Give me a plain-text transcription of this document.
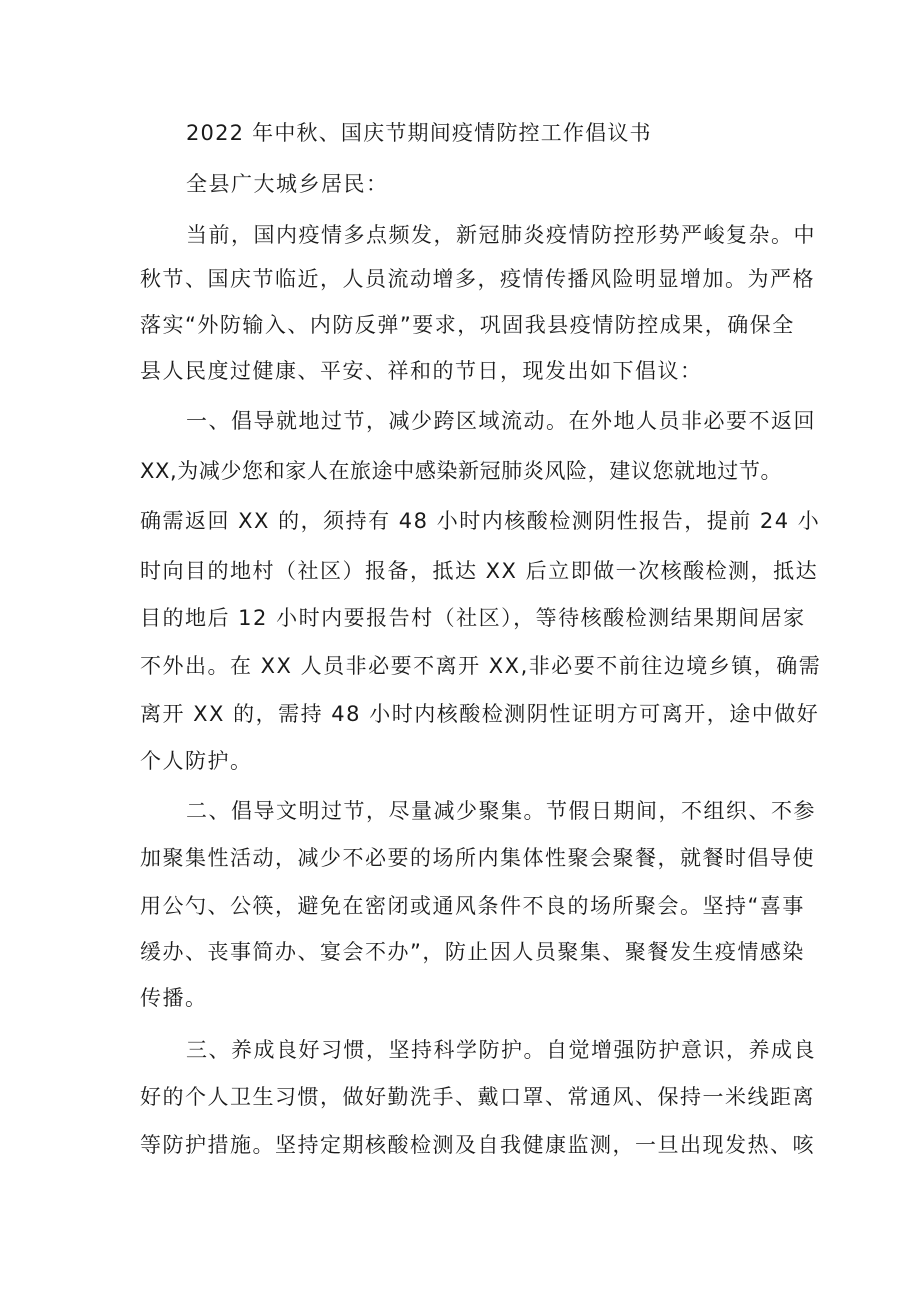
2022 年中秋、国庆节期间疫情防控工作倡议书
全县广大城乡居民：
当前，国内疫情多点频发，新冠肺炎疫情防控形势严峻复杂。中
秋节、国庆节临近，人员流动增多，疫情传播风险明显增加。为严格
落实“外防输入、内防反弹”要求，巩固我县疫情防控成果，确保全
县人民度过健康、平安、祥和的节日，现发出如下倡议：
一、倡导就地过节，减少跨区域流动。在外地人员非必要不返回
XX,为减少您和家人在旅途中感染新冠肺炎风险，建议您就地过节。
确需返回 XX 的，须持有 48 小时内核酸检测阴性报告，提前 24 小
时向目的地村（社区）报备，抵达 XX 后立即做一次核酸检测，抵达
目的地后 12 小时内要报告村（社区），等待核酸检测结果期间居家
不外出。在 XX 人员非必要不离开 XX,非必要不前往边境乡镇，确需
离开 XX 的，需持 48 小时内核酸检测阴性证明方可离开，途中做好
个人防护。
二、倡导文明过节，尽量减少聚集。节假日期间，不组织、不参
加聚集性活动，减少不必要的场所内集体性聚会聚餐，就餐时倡导使
用公勺、公筷，避免在密闭或通风条件不良的场所聚会。坚持“喜事
缓办、丧事简办、宴会不办”，防止因人员聚集、聚餐发生疫情感染
传播。
三、养成良好习惯，坚持科学防护。自觉增强防护意识，养成良
好的个人卫生习惯，做好勤洗手、戴口罩、常通风、保持一米线距离
等防护措施。坚持定期核酸检测及自我健康监测，一旦出现发热、咳
